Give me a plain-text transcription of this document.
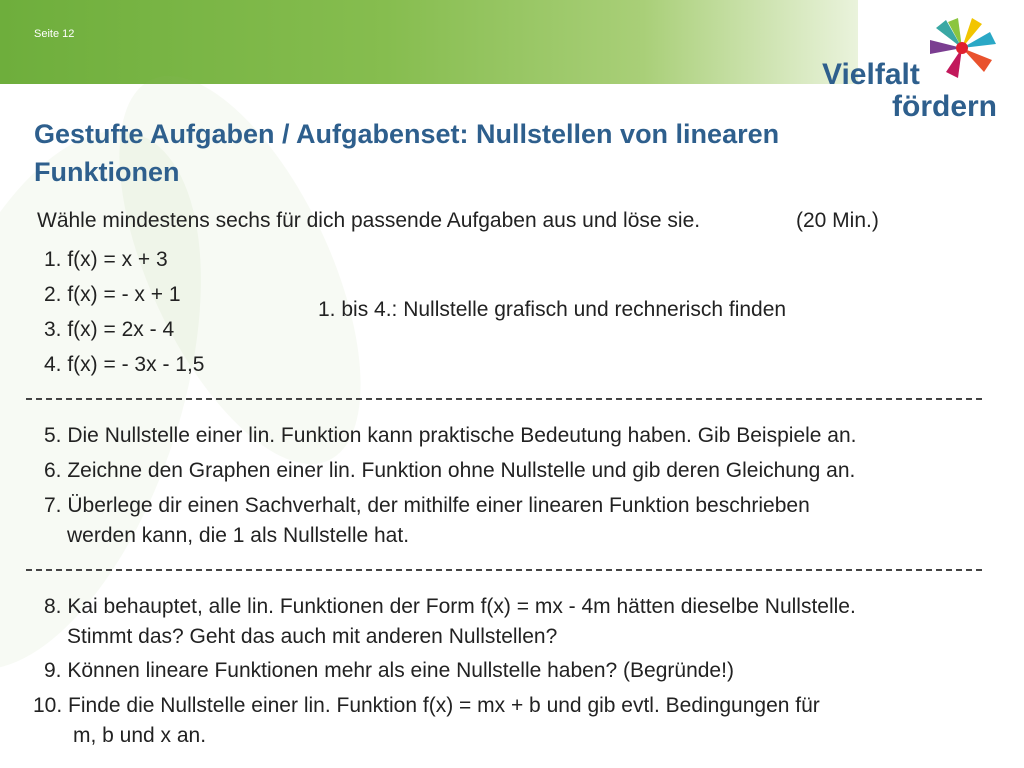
Seite 12
Vielfalt
fördern
Gestufte Aufgaben / Aufgabenset: Nullstellen von linearen Funktionen
Wähle mindestens sechs für dich passende Aufgaben aus und löse sie.	(20 Min.)
1. f(x) = x + 3
2. f(x) = - x + 1
3. f(x) = 2x - 4
4. f(x) = - 3x - 1,5
1. bis 4.: Nullstelle grafisch und rechnerisch finden
5. Die Nullstelle einer lin. Funktion kann praktische Bedeutung haben. Gib Beispiele an.
6. Zeichne den Graphen einer lin. Funktion ohne Nullstelle und gib deren Gleichung an.
7. Überlege dir einen Sachverhalt, der mithilfe einer linearen Funktion beschrieben
werden kann, die 1 als Nullstelle hat.
8. Kai behauptet, alle lin. Funktionen der Form f(x) = mx - 4m hätten dieselbe Nullstelle.
Stimmt das? Geht das auch mit anderen Nullstellen?
9. Können lineare Funktionen mehr als eine Nullstelle haben? (Begründe!)
10. Finde die Nullstelle einer lin. Funktion f(x) = mx + b und gib evtl. Bedingungen für
m, b und x an.
